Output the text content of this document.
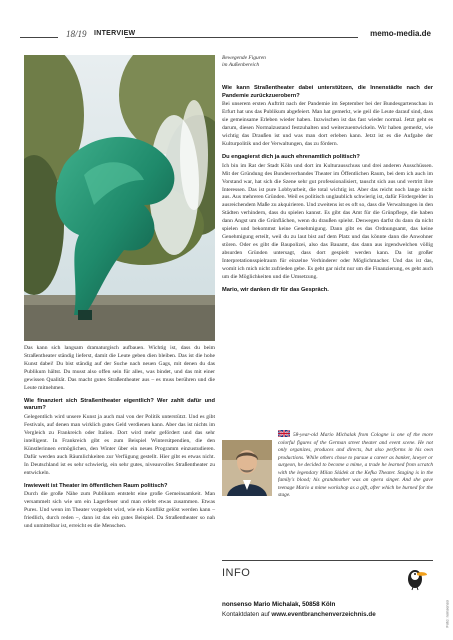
18/19 INTERVIEW	memo-media.de
Bewegende Figuren
im Außenbereich

Das kann sich langsam dramaturgisch aufbauen. Wichtig ist, dass du beim Straßentheater ständig lieferst, damit die Leute geben dien bleiben. Das ist die hohe Kunst dabei! Du bist ständig auf der Suche nach neuen Gags, mit denen du das Publikum hältst. Du musst also offen sein für alles, was bindet, und das mit einer gewissen Qualität. Das macht gutes Straßentheater aus – es muss berühren und die Leute mitnehmen.

Wie finanziert sich Straßentheater eigentlich? Wer zahlt dafür und warum?

Gelegentlich wird unsere Kunst ja auch mal von der Politik unterstützt. Und es gibt Festivals, auf denen man wirklich gutes Geld verdienen kann. Aber das ist nichts im Vergleich zu Frankreich oder Italien. Dort wird mehr gefördert und das sehr intelligent. In Frankreich gibt es zum Beispiel Wintersitpendien, die den Künstlerinnen ermöglichen, den Winter über ein neues Programm einzustudieren. Dafür werden auch Räumlichkeiten zur Verfügung gestellt. Hier gibt es etwas nicht. In Deutschland ist es sehr schwierig, ein sehr gutes, niveauvolles Straßentheater zu entwickeln.

Inwieweit ist Theater im öffentlichen Raum politisch?

Durch die große Nähe zum Publikum entsteht eine große Gemeinsamkeit. Man versammelt sich wie um ein Lagerfeuer und man erlebt etwas zusammen. Etwas Pures. Und wenn im Theater vorgelebt wird, wie ein Konflikt gelöst werden kann – friedlich, durch reden –, dann ist das ein gutes Beispiel. Da Straßentheater so nah und unmittelbar ist, erreicht es die Menschen.

Wie kann Straßentheater dabei unterstützen, die Innenstädte nach der Pandemie zurückzuerobern?

Bei unserem ersten Auftritt nach der Pandemie im September bei der Bundesgartenschau in Erfurt hat uns das Publikum abgefeiert. Man hat gemerkt, wie geil die Leute darauf sind, dass sie gemeinsame Erleben wieder haben. Inzwischen ist das fast wieder normal. Jetzt geht es darum, diesen Normalzustand festzuhalten und weiterzuentwickeln. Wir haben gemerkt, wie wichtig das Draußen ist und was man dort erleben kann. Jetzt ist es die Aufgabe der Kulturpolitik und der Verwaltungen, das zu fördern.

Du engagierst dich ja auch ehrenamtlich politisch?

Ich bin im Rat der Stadt Köln und dort im Kulturausschuss und drei anderen Ausschüssen. Mit der Gründung des Bundesverbandes Theater im Öffentlichen Raum, bei dem ich auch im Vorstand war, hat sich die Szene sehr gut professionalisiert, tauscht sich aus und vertritt ihre Interessen. Das ist pure Lobbyarbeit, die total wichtig ist. Aber das reicht noch lange nicht aus. Aus mehreren Gründen. Weil es politisch unglaublich schwierig ist, dafür Fördergelder in ausreichendem Maße zu akquirieren. Und zweitens ist es oft so, dass die Verwaltungen in den Städten verhindern, dass du spielen kannst. Es gibt das Amt für die Grünpflege, die haben dann Angst um die Grünflächen, wenn du draußen spielst. Deswegen darfst du dann da nicht spielen und bekommst keine Genehmigung. Dann gibt es das Ordnungsamt, das keine Genehmigung erteilt, weil du zu laut bist auf dem Platz und das könnte dann die Anwohner stören. Oder es gibt die Baupolizei, also das Bauamt, das dann aus irgendwelchen völlig absurden Gründen untersagt, dass dort gespielt werden kann. Da ist großer Interpretationsspielraum für einzelne Verhinderer oder Möglichmacher. Und das ist das, womit ich mich nicht zufrieden gebe. Es geht gar nicht nur um die Finanzierung, es geht auch um die Möglichkeiten und die Umsetzung.

Mario, wir danken dir für das Gespräch.

58-year-old Mario Michalak from Cologne is one of the more colorful figures of the German street theater and event scene. He not only organizes, produces and directs, but also performs in his own productions. While others chose to pursue a career as banker, lawyer or surgeon, he decided to become a mime, a trade he learned from scratch with the legendary Milan Sládek at the Kefka Theater. Staging is in the family's blood; his grandmother was an opera singer. And she gave teenage Mario a mime workshop as a gift, after which he burned for the stage.
INFO
nonsenso Mario Michalak, 50858 Köln
Kontaktdaten auf www.eventbranchenverzeichnis.de	Foto: nonsenso
